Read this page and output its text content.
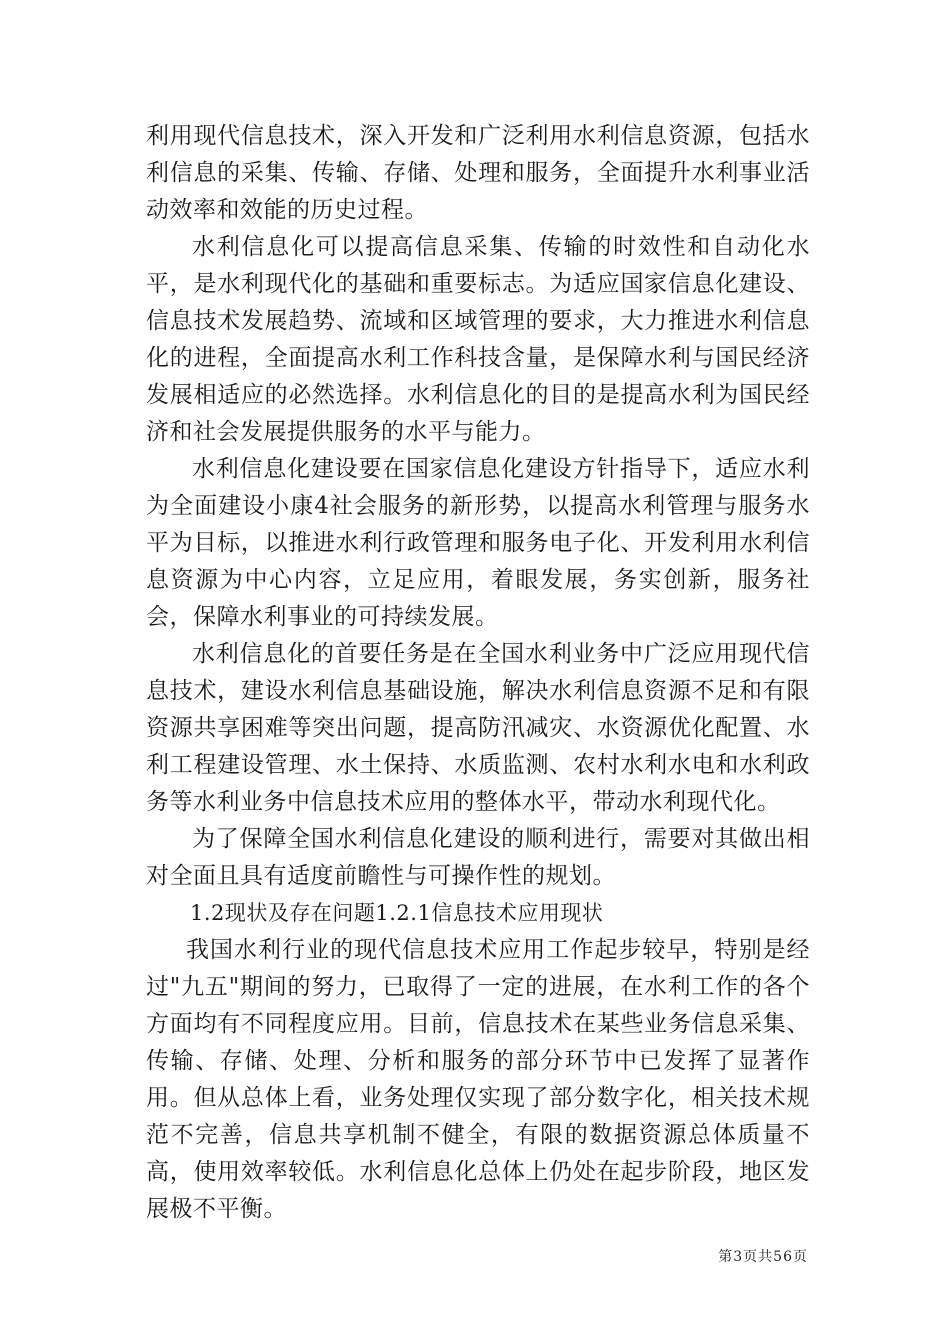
利用现代信息技术，深入开发和广泛利用水利信息资源，包括水利信息的采集、传输、存储、处理和服务，全面提升水利事业活动效率和效能的历史过程。

水利信息化可以提高信息采集、传输的时效性和自动化水平，是水利现代化的基础和重要标志。为适应国家信息化建设、信息技术发展趋势、流域和区域管理的要求，大力推进水利信息化的进程，全面提高水利工作科技含量，是保障水利与国民经济发展相适应的必然选择。水利信息化的目的是提高水利为国民经济和社会发展提供服务的水平与能力。

水利信息化建设要在国家信息化建设方针指导下，适应水利为全面建设小康4社会服务的新形势，以提高水利管理与服务水平为目标，以推进水利行政管理和服务电子化、开发利用水利信息资源为中心内容，立足应用，着眼发展，务实创新，服务社会，保障水利事业的可持续发展。

水利信息化的首要任务是在全国水利业务中广泛应用现代信息技术，建设水利信息基础设施，解决水利信息资源不足和有限资源共享困难等突出问题，提高防汛减灾、水资源优化配置、水利工程建设管理、水土保持、水质监测、农村水利水电和水利政务等水利业务中信息技术应用的整体水平，带动水利现代化。

为了保障全国水利信息化建设的顺利进行，需要对其做出相对全面且具有适度前瞻性与可操作性的规划。

1.2现状及存在问题1.2.1信息技术应用现状

我国水利行业的现代信息技术应用工作起步较早，特别是经过"九五"期间的努力，已取得了一定的进展，在水利工作的各个方面均有不同程度应用。目前，信息技术在某些业务信息采集、传输、存储、处理、分析和服务的部分环节中已发挥了显著作用。但从总体上看，业务处理仅实现了部分数字化，相关技术规范不完善，信息共享机制不健全，有限的数据资源总体质量不高，使用效率较低。水利信息化总体上仍处在起步阶段，地区发展极不平衡。

第3页共56页
